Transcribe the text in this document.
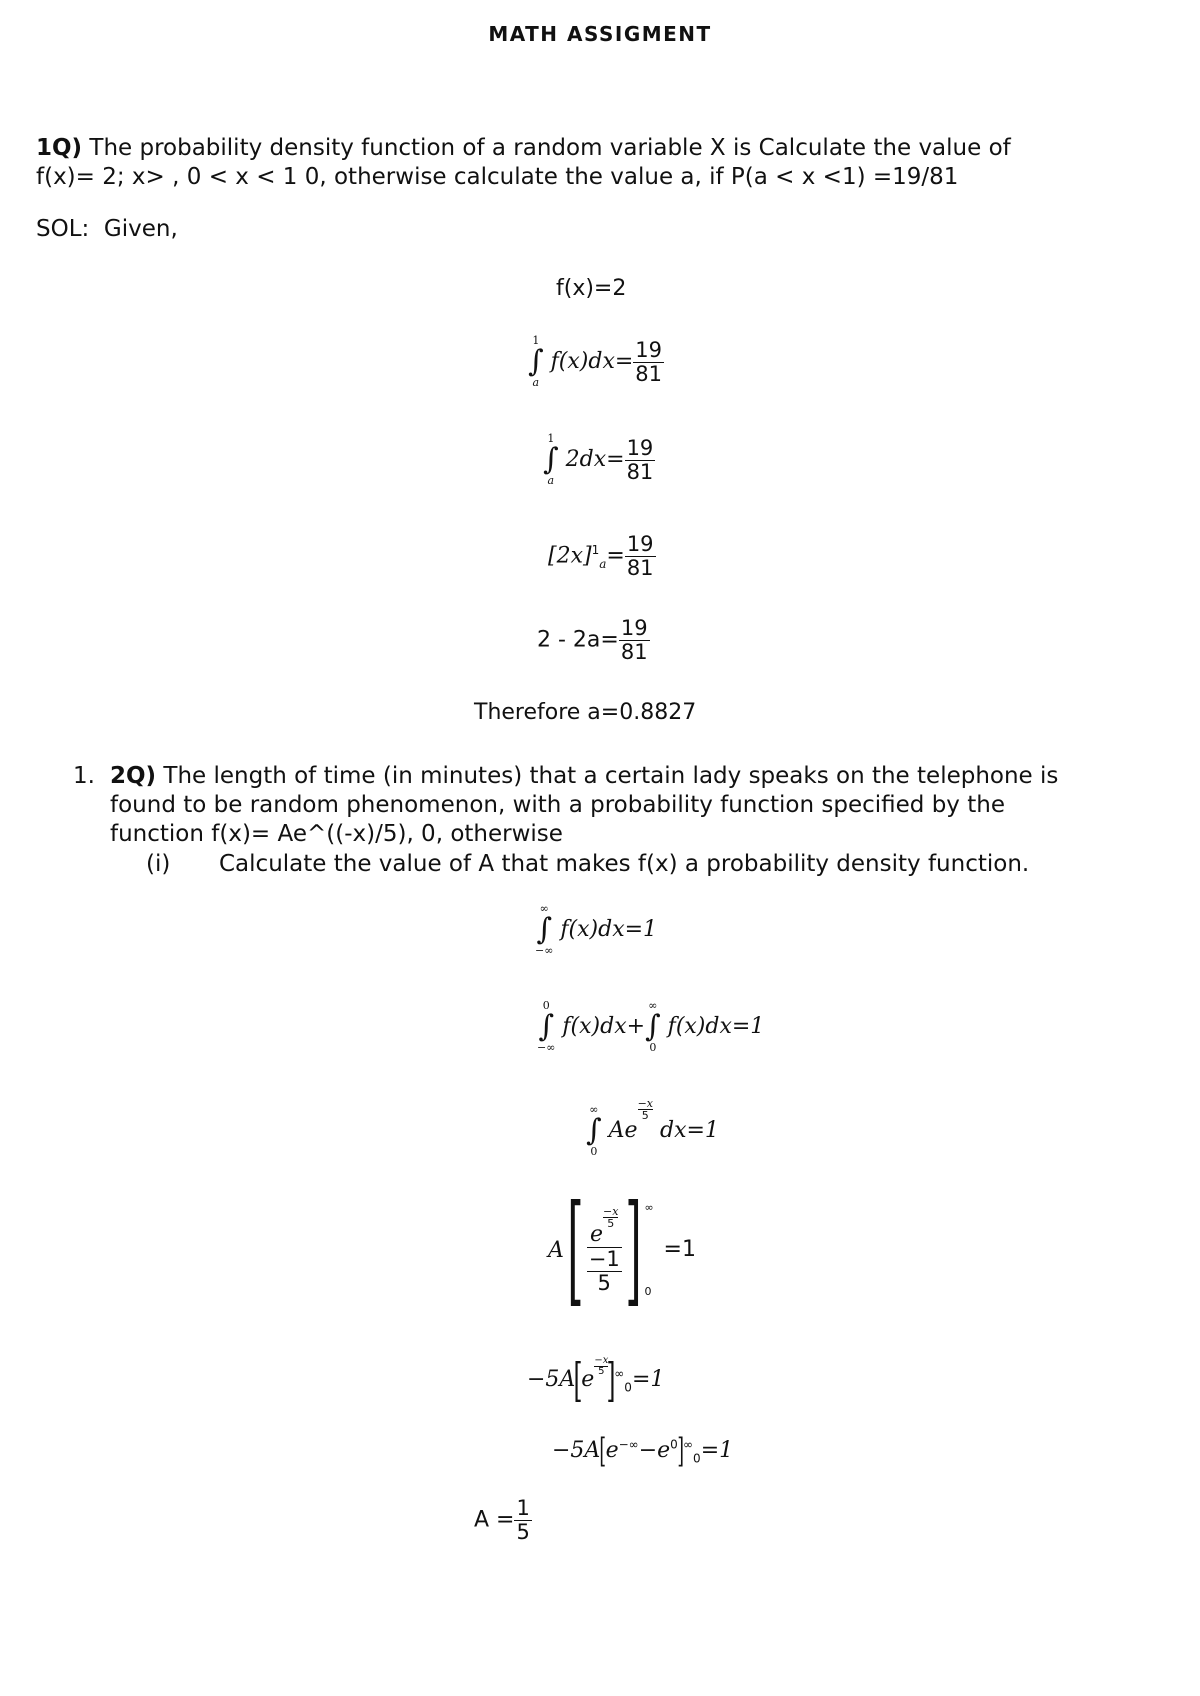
MATH ASSIGMENT
1Q) The probability density function of a random variable X is Calculate the value of
f(x)= 2; x> , 0 < x < 1 0, otherwise calculate the value a, if P(a < x <1) =19/81
SOL: Given,
f(x)=2
1
∫
a
$f(x)dx= \frac{19}{81}$
1
∫
a
$2dx= \frac{19}{81}$
$[2x]^1_a= \frac{19}{81}$
$2 - 2a= \frac{19}{81}$
Therefore a=0.8827
1. 2Q) The length of time (in minutes) that a certain lady speaks on the telephone is
found to be random phenomenon, with a probability function specified by the
function f(x)= Ae^((-x)/5), 0, otherwise
(i) Calculate the value of A that makes f(x) a probability density function.
∞
∫
−∞
f(x)dx=1
0
∫
−∞
f(x)dx+
∞
∫
0
f(x)dx=1
∞
∫
0
Ae
$\frac{-x}{5}$
dx=1
A[ e
$\frac{-x}{5}$
−1
5 ] ∞
0
=1
−5A[e
$\frac{-x}{5}$
]$^\infty_0=1$
$-5A[e^{-\infty}-e^0]^\infty_0=1$
$A = \frac{1}{5}$
